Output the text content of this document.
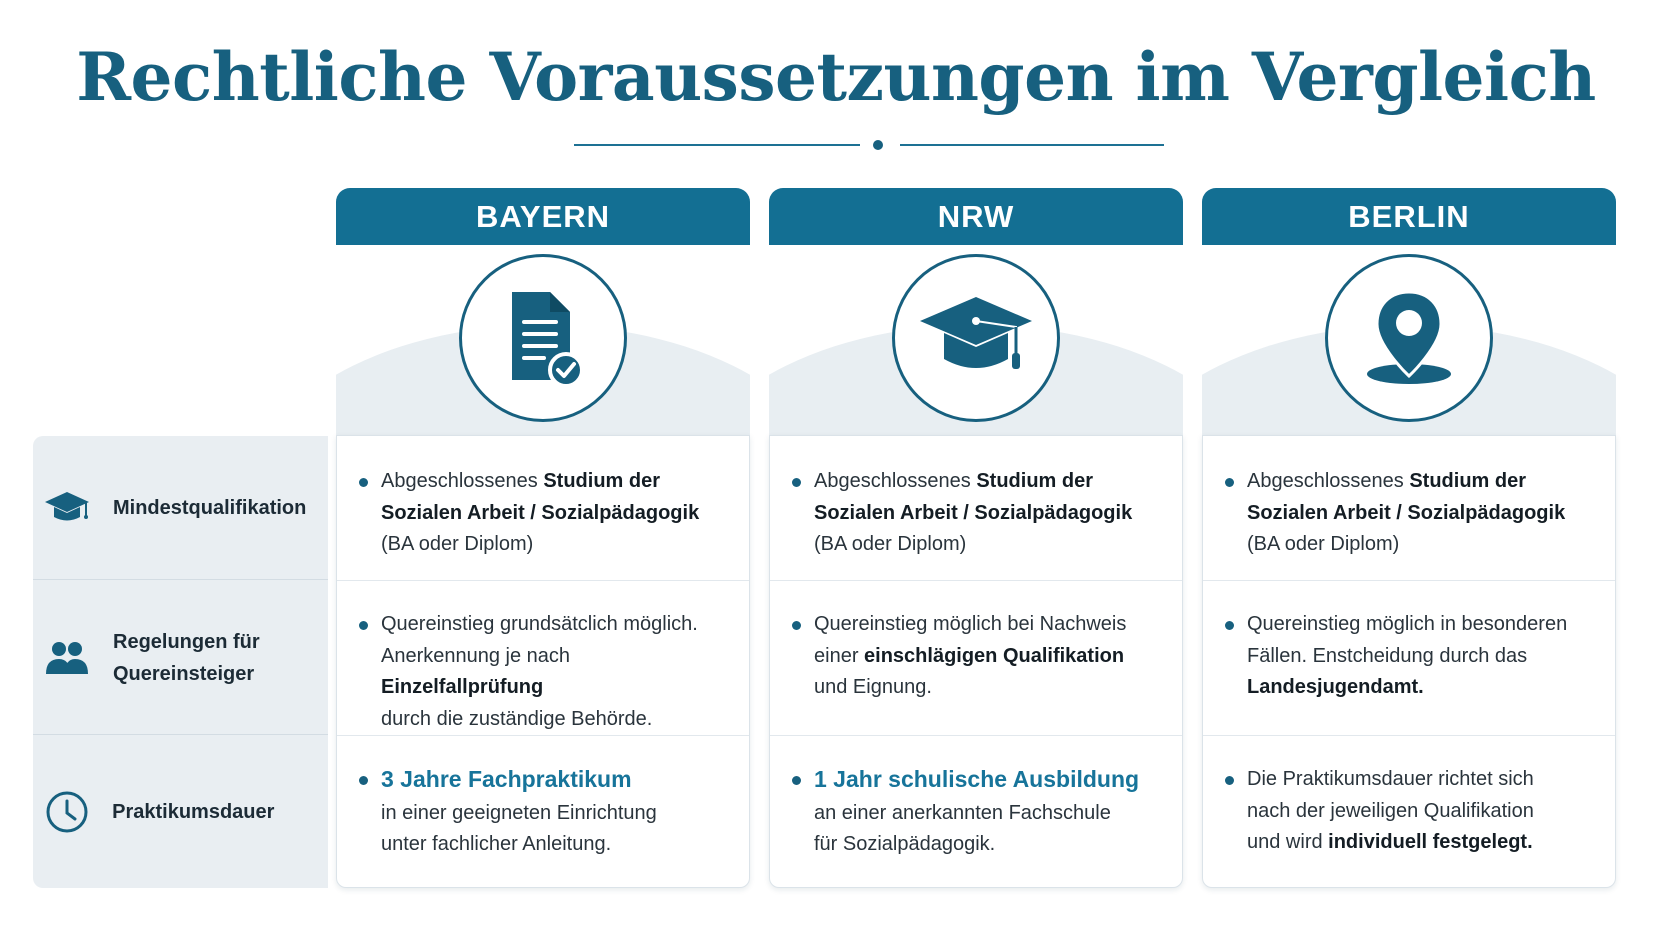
Rechtliche Voraussetzungen im Vergleich
Mindestqualifikation
Regelungen für
Quereinsteiger
Praktikumsdauer
BAYERN

Abgeschlossenes Studium der

Sozialen Arbeit / Sozialpädagogik

(BA oder Diplom)

Quereinstieg grundsätclich möglich.

Anerkennung je nach Einzelfallprüfung

durch die zuständige Behörde.

3 Jahre Fachpraktikum

in einer geeigneten Einrichtung

unter fachlicher Anleitung.

NRW

Abgeschlossenes Studium der

Sozialen Arbeit / Sozialpädagogik

(BA oder Diplom)

Quereinstieg möglich bei Nachweis

einer einschlägigen Qualifikation

und Eignung.

1 Jahr schulische Ausbildung

an einer anerkannten Fachschule

für Sozialpädagogik.

BERLIN

Abgeschlossenes Studium der

Sozialen Arbeit / Sozialpädagogik

(BA oder Diplom)

Quereinstieg möglich in besonderen

Fällen. Enstcheidung durch das

Landesjugendamt.

Die Praktikumsdauer richtet sich

nach der jeweiligen Qualifikation

und wird individuell festgelegt.
